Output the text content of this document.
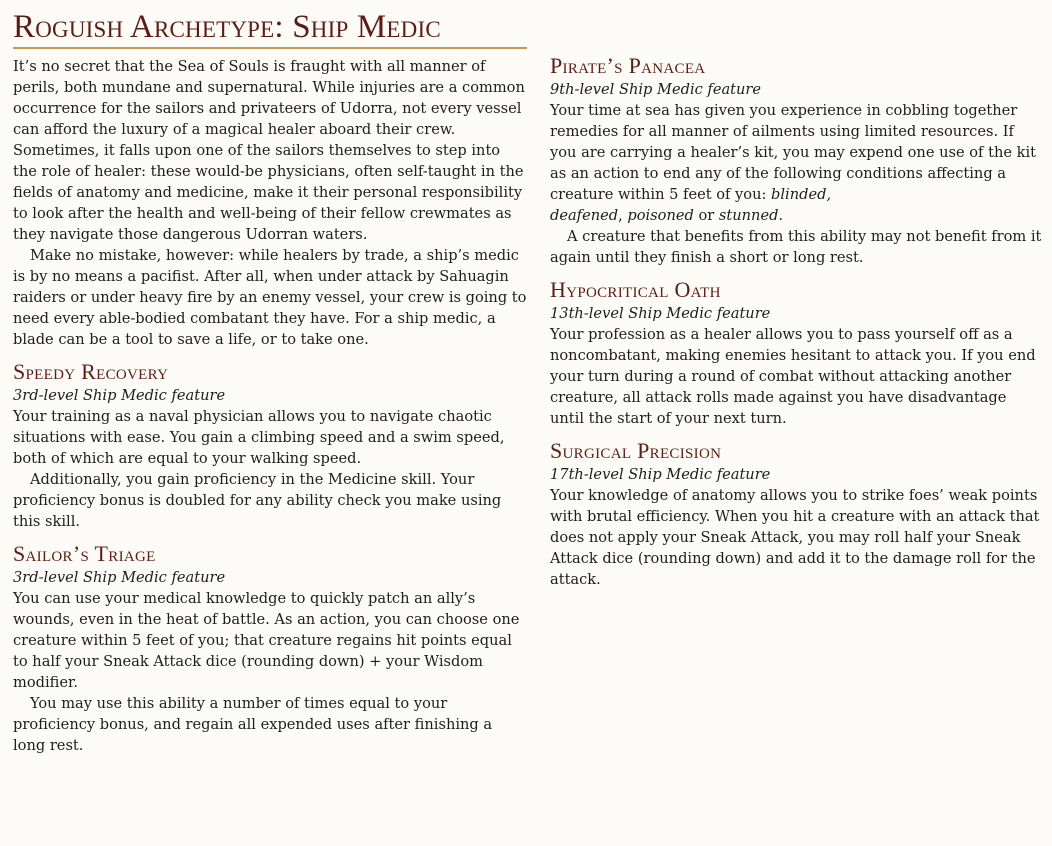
Roguish Archetype: Ship Medic

It’s no secret that the Sea of Souls is fraught with all manner of perils, both mundane and supernatural. While injuries are a common occurrence for the sailors and privateers of Udorra, not every vessel can afford the luxury of a magical healer aboard their crew. Sometimes, it falls upon one of the sailors themselves to step into the role of healer: these would-be physicians, often self-taught in the fields of anatomy and medicine, make it their personal responsibility to look after the health and well-being of their fellow crewmates as they navigate those dangerous Udorran waters.

Make no mistake, however: while healers by trade, a ship’s medic is by no means a pacifist. After all, when under attack by Sahuagin raiders or under heavy fire by an enemy vessel, your crew is going to need every able-bodied combatant they have. For a ship medic, a blade can be a tool to save a life, or to take one.

Speedy Recovery

3rd-level Ship Medic feature

Your training as a naval physician allows you to navigate chaotic situations with ease. You gain a climbing speed and a swim speed, both of which are equal to your walking speed.

Additionally, you gain proficiency in the Medicine skill. Your proficiency bonus is doubled for any ability check you make using this skill.

Sailor’s Triage

3rd-level Ship Medic feature

You can use your medical knowledge to quickly patch an ally’s wounds, even in the heat of battle. As an action, you can choose one creature within 5 feet of you; that creature regains hit points equal to half your Sneak Attack dice (rounding down) + your Wisdom modifier.

You may use this ability a number of times equal to your proficiency bonus, and regain all expended uses after finishing a long rest.

Pirate’s Panacea

9th-level Ship Medic feature

Your time at sea has given you experience in cobbling together remedies for all manner of ailments using limited resources. If you are carrying a healer’s kit, you may expend one use of the kit as an action to end any of the following conditions affecting a creature within 5 feet of you: blinded,
deafened, poisoned or stunned.

A creature that benefits from this ability may not benefit from it again until they finish a short or long rest.

Hypocritical Oath

13th-level Ship Medic feature

Your profession as a healer allows you to pass yourself off as a noncombatant, making enemies hesitant to attack you. If you end your turn during a round of combat without attacking another creature, all attack rolls made against you have disadvantage until the start of your next turn.

Surgical Precision

17th-level Ship Medic feature

Your knowledge of anatomy allows you to strike foes’ weak points with brutal efficiency. When you hit a creature with an attack that does not apply your Sneak Attack, you may roll half your Sneak Attack dice (rounding down) and add it to the damage roll for the attack.
